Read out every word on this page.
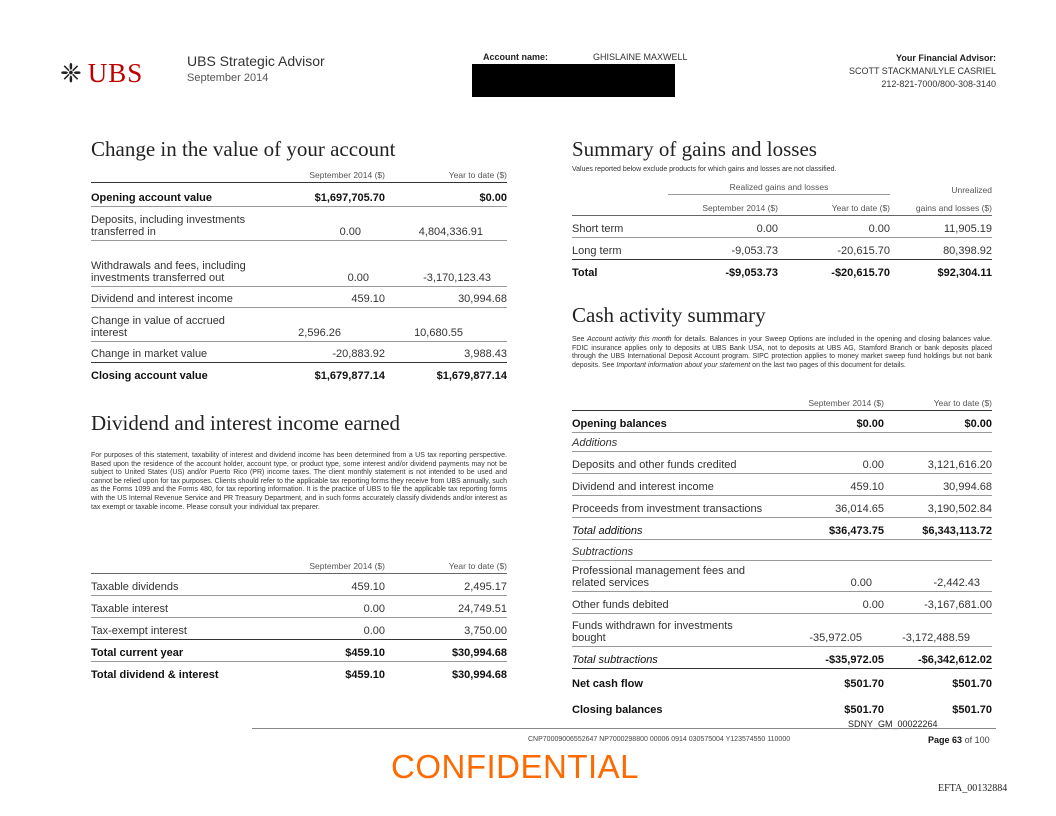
❈ UBS	UBS Strategic Advisor
September 2014
Account name:	GHISLAINE MAXWELL	Your Financial Advisor:
SCOTT STACKMAN/LYLE CASRIEL
212-821-7000/800-308-3140
Change in the value of your account
September 2014 ($)	Year to date ($)
Opening account value	$1,697,705.70	$0.00
Deposits, including investments transferred in	0.00	4,804,336.91
Withdrawals and fees, including investments transferred out	0.00	-3,170,123.43
Dividend and interest income	459.10	30,994.68
Change in value of accrued interest	2,596.26	10,680.55
Change in market value	-20,883.92	3,988.43
Closing account value	$1,679,877.14	$1,679,877.14
Dividend and interest income earned
For purposes of this statement, taxability of interest and dividend income has been determined from a US tax reporting perspective. Based upon the residence of the account holder, account type, or product type, some interest and/or dividend payments may not be subject to United States (US) and/or Puerto Rico (PR) income taxes. The client monthly statement is not intended to be used and cannot be relied upon for tax purposes. Clients should refer to the applicable tax reporting forms they receive from UBS annually, such as the Forms 1099 and the Forms 480, for tax reporting information. It is the practice of UBS to file the applicable tax reporting forms with the US Internal Revenue Service and PR Treasury Department, and in such forms accurately classify dividends and/or interest as tax exempt or taxable income. Please consult your individual tax preparer.
September 2014 ($)	Year to date ($)
Taxable dividends	459.10	2,495.17
Taxable interest	0.00	24,749.51
Tax-exempt interest	0.00	3,750.00
Total current year	$459.10	$30,994.68
Total dividend & interest	$459.10	$30,994.68
Summary of gains and losses
Values reported below exclude products for which gains and losses are not classified.
Realized gains and losses	Unrealized
September 2014 ($)	Year to date ($)	gains and losses ($)
Short term	0.00	0.00	11,905.19
Long term	-9,053.73	-20,615.70	80,398.92
Total	-$9,053.73	-$20,615.70	$92,304.11
Cash activity summary
See Account activity this month for details. Balances in your Sweep Options are included in the opening and closing balances value. FDIC insurance applies only to deposits at UBS Bank USA, not to deposits at UBS AG, Stamford Branch or bank deposits placed through the UBS International Deposit Account program. SIPC protection applies to money market sweep fund holdings but not bank deposits. See Important information about your statement on the last two pages of this document for details.
September 2014 ($)	Year to date ($)
Opening balances	$0.00	$0.00
Additions
Deposits and other funds credited	0.00	3,121,616.20
Dividend and interest income	459.10	30,994.68
Proceeds from investment transactions	36,014.65	3,190,502.84
Total additions	$36,473.75	$6,343,113.72
Subtractions
Professional management fees and related services	0.00	-2,442.43
Other funds debited	0.00	-3,167,681.00
Funds withdrawn for investments bought	-35,972.05	-3,172,488.59
Total subtractions	-$35,972.05	-$6,342,612.02
Net cash flow	$501.70	$501.70
Closing balances	$501.70	$501.70
SDNY_GM_00022264
CNP70009006552647 NP7000298800 00006 0914 030575004 Y123574550 110000	Page 63 of 100
CONFIDENTIAL
EFTA_00132884
